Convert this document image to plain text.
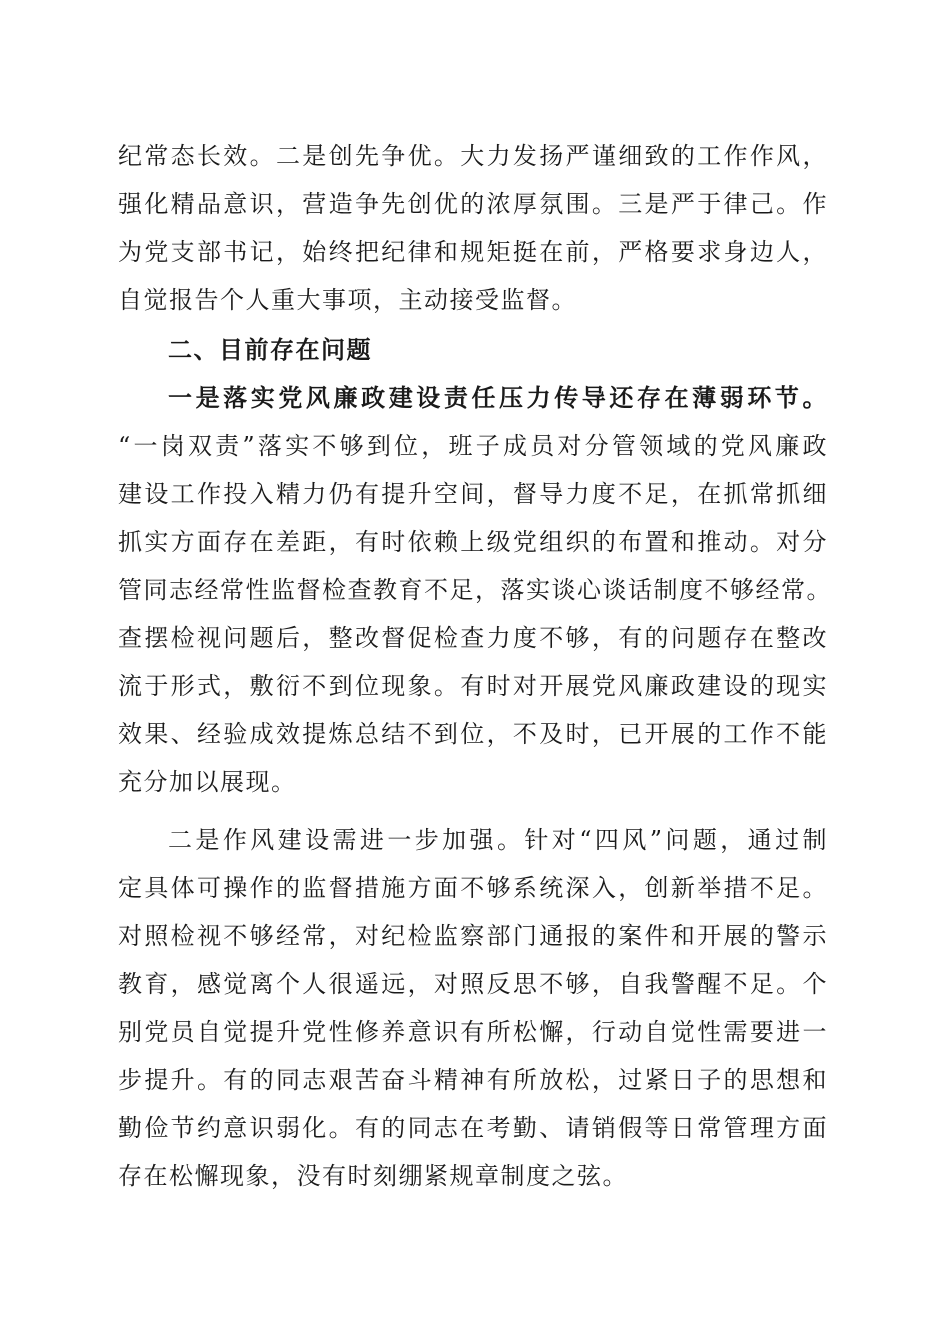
纪常态长效。二是创先争优。大力发扬严谨细致的工作作风，
强化精品意识，营造争先创优的浓厚氛围。三是严于律己。作
为党支部书记，始终把纪律和规矩挺在前，严格要求身边人，
自觉报告个人重大事项，主动接受监督。
二、目前存在问题
一是落实党风廉政建设责任压力传导还存在薄弱环节。
“一岗双责”落实不够到位，班子成员对分管领域的党风廉政
建设工作投入精力仍有提升空间，督导力度不足，在抓常抓细
抓实方面存在差距，有时依赖上级党组织的布置和推动。对分
管同志经常性监督检查教育不足，落实谈心谈话制度不够经常。
查摆检视问题后，整改督促检查力度不够，有的问题存在整改
流于形式，敷衍不到位现象。有时对开展党风廉政建设的现实
效果、经验成效提炼总结不到位，不及时，已开展的工作不能
充分加以展现。
二是作风建设需进一步加强。针对“四风”问题，通过制
定具体可操作的监督措施方面不够系统深入，创新举措不足。
对照检视不够经常，对纪检监察部门通报的案件和开展的警示
教育，感觉离个人很遥远，对照反思不够，自我警醒不足。个
别党员自觉提升党性修养意识有所松懈，行动自觉性需要进一
步提升。有的同志艰苦奋斗精神有所放松，过紧日子的思想和
勤俭节约意识弱化。有的同志在考勤、请销假等日常管理方面
存在松懈现象，没有时刻绷紧规章制度之弦。
